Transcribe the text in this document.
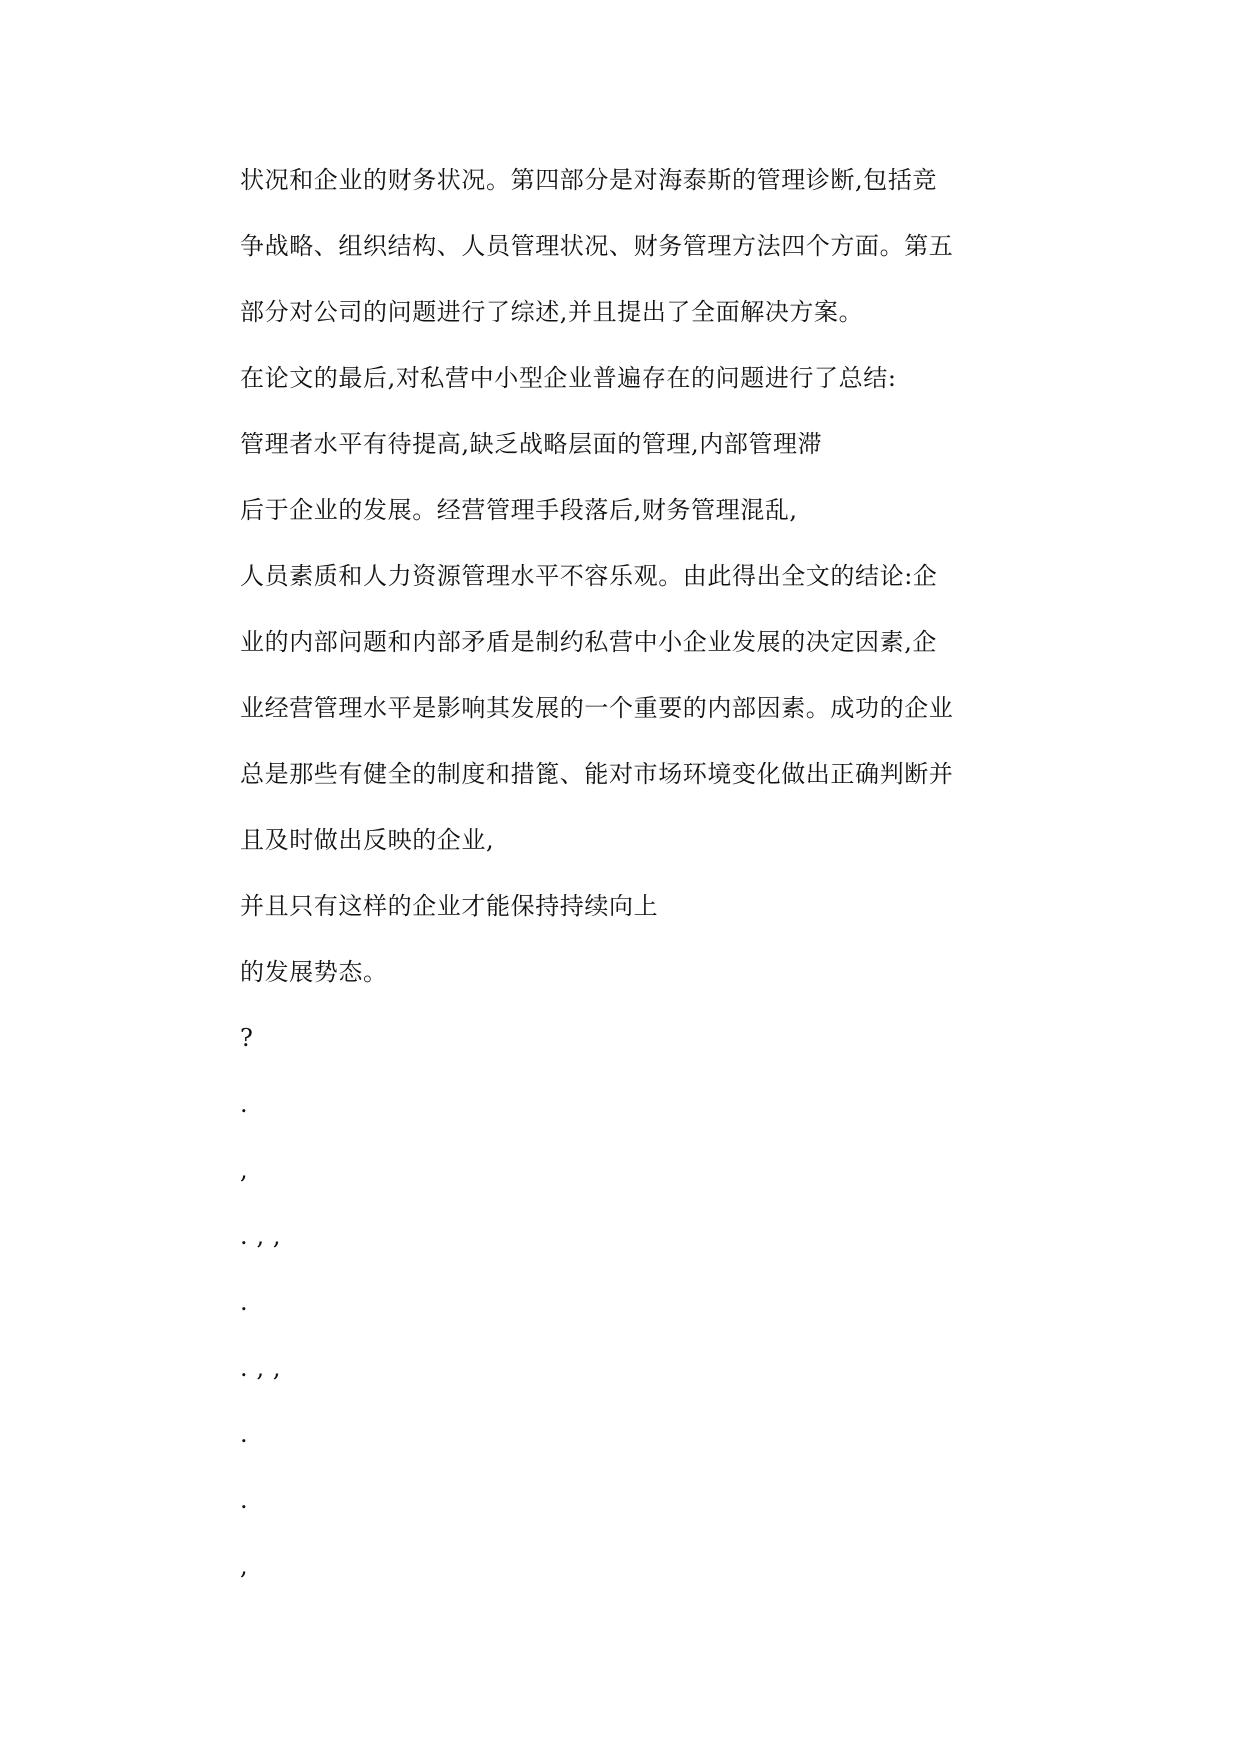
状况和企业的财务状况。第四部分是对海泰斯的管理诊断,包括竞
争战略、组织结构、人员管理状况、财务管理方法四个方面。第五
部分对公司的问题进行了综述,并且提出了全面解决方案。
在论文的最后,对私营中小型企业普遍存在的问题进行了总结:
管理者水平有待提高,缺乏战略层面的管理,内部管理滞
后于企业的发展。经营管理手段落后,财务管理混乱,
人员素质和人力资源管理水平不容乐观。由此得出全文的结论:企
业的内部问题和内部矛盾是制约私营中小企业发展的决定因素,企
业经营管理水平是影响其发展的一个重要的内部因素。成功的企业
总是那些有健全的制度和措篦、能对市场环境变化做出正确判断并
且及时做出反映的企业,
并且只有这样的企业才能保持持续向上
的发展势态。
?
.
,
. , ,
.
. , ,
.
.
,
